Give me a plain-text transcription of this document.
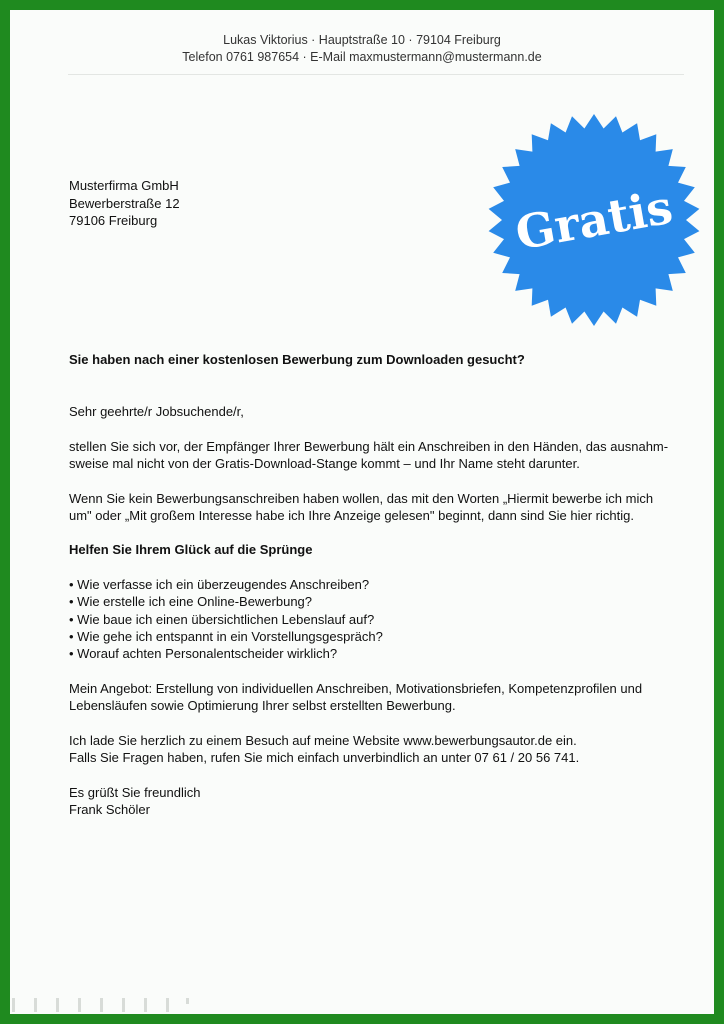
Lukas Viktorius · Hauptstraße 10 · 79104 Freiburg
Telefon 0761 987654 · E-Mail maxmustermann@mustermann.de
Musterfirma GmbH
Bewerberstraße 12
79106 Freiburg	Gratis

Sie haben nach einer kostenlosen Bewerbung zum Downloaden gesucht?

Sehr geehrte/r Jobsuchende/r,

stellen Sie sich vor, der Empfänger Ihrer Bewerbung hält ein Anschreiben in den Händen, das ausnahm-
sweise mal nicht von der Gratis-Download-Stange kommt – und Ihr Name steht darunter.
Wenn Sie kein Bewerbungsanschreiben haben wollen, das mit den Worten „Hiermit bewerbe ich mich
um" oder „Mit großem Interesse habe ich Ihre Anzeige gelesen" beginnt, dann sind Sie hier richtig.

Helfen Sie Ihrem Glück auf die Sprünge

• Wie verfasse ich ein überzeugendes Anschreiben?
• Wie erstelle ich eine Online-Bewerbung?
• Wie baue ich einen übersichtlichen Lebenslauf auf?
• Wie gehe ich entspannt in ein Vorstellungsgespräch?
• Worauf achten Personalentscheider wirklich?
Mein Angebot: Erstellung von individuellen Anschreiben, Motivationsbriefen, Kompetenzprofilen und
Lebensläufen sowie Optimierung Ihrer selbst erstellten Bewerbung.
Ich lade Sie herzlich zu einem Besuch auf meine Website www.bewerbungsautor.de ein.
Falls Sie Fragen haben, rufen Sie mich einfach unverbindlich an unter 07 61 / 20 56 741.
Es grüßt Sie freundlich
Frank Schöler
